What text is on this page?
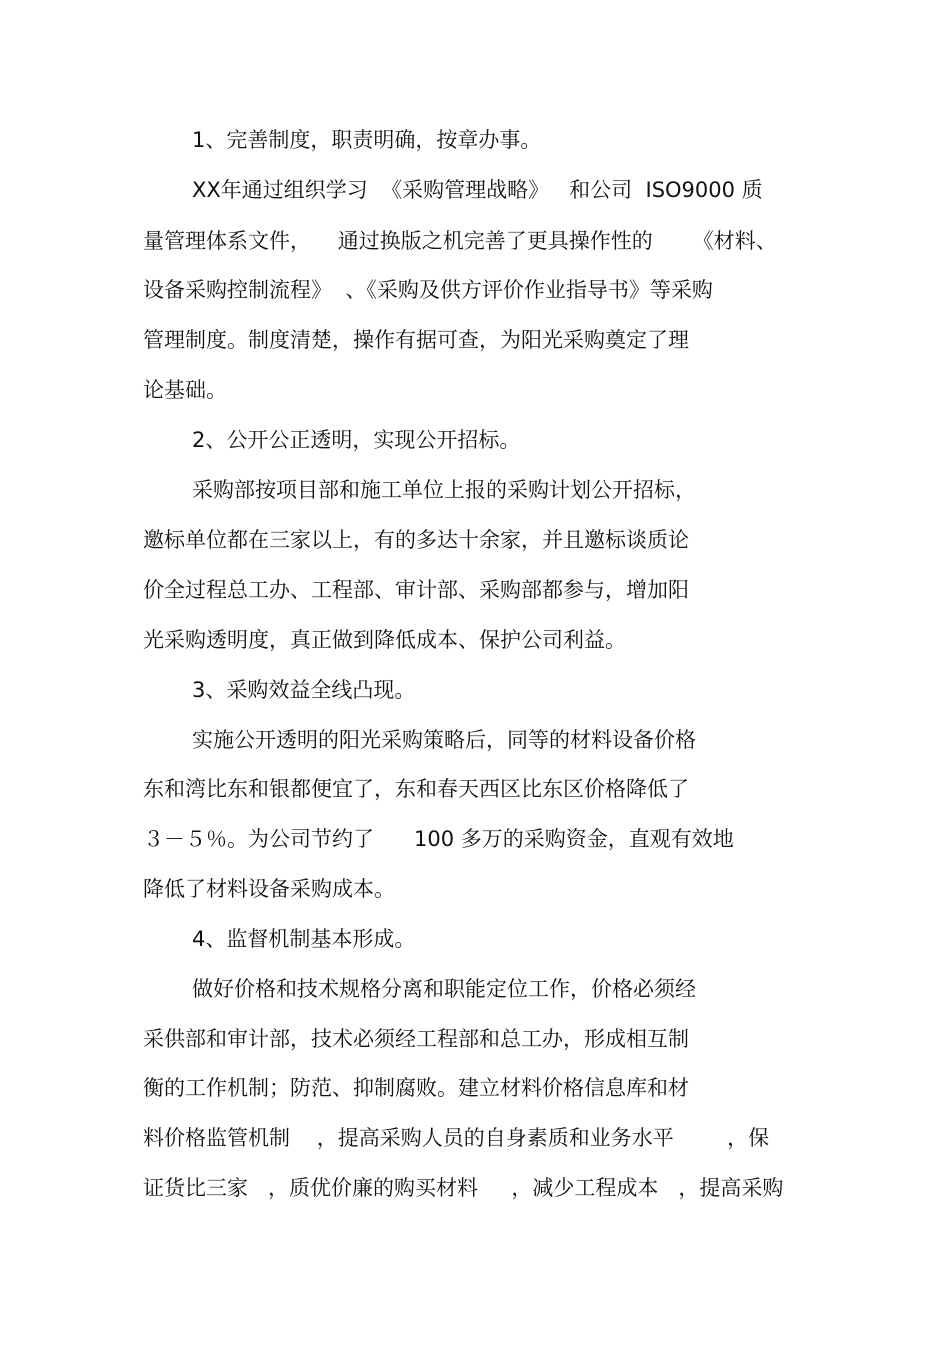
1、完善制度，职责明确，按章办事。
XX年通过组织学习  《采购管理战略》   和公司  ISO9000 质
量管理体系文件，    通过换版之机完善了更具操作性的      《材料、
设备采购控制流程》  、《采购及供方评价作业指导书》等采购
管理制度。制度清楚，操作有据可查，为阳光采购奠定了理
论基础。
2、公开公正透明，实现公开招标。
采购部按项目部和施工单位上报的采购计划公开招标，
邀标单位都在三家以上，有的多达十余家，并且邀标谈质论
价全过程总工办、工程部、审计部、采购部都参与，增加阳
光采购透明度，真正做到降低成本、保护公司利益。
3、采购效益全线凸现。
实施公开透明的阳光采购策略后，同等的材料设备价格
东和湾比东和银都便宜了，东和春天西区比东区价格降低了
３－５％。为公司节约了      100 多万的采购资金，直观有效地
降低了材料设备采购成本。
4、监督机制基本形成。
做好价格和技术规格分离和职能定位工作，价格必须经
采供部和审计部，技术必须经工程部和总工办，形成相互制
衡的工作机制；防范、抑制腐败。建立材料价格信息库和材
料价格监管机制    ，提高采购人员的自身素质和业务水平        ，保
证货比三家   ，质优价廉的购买材料     ，减少工程成本   ，提高采购
